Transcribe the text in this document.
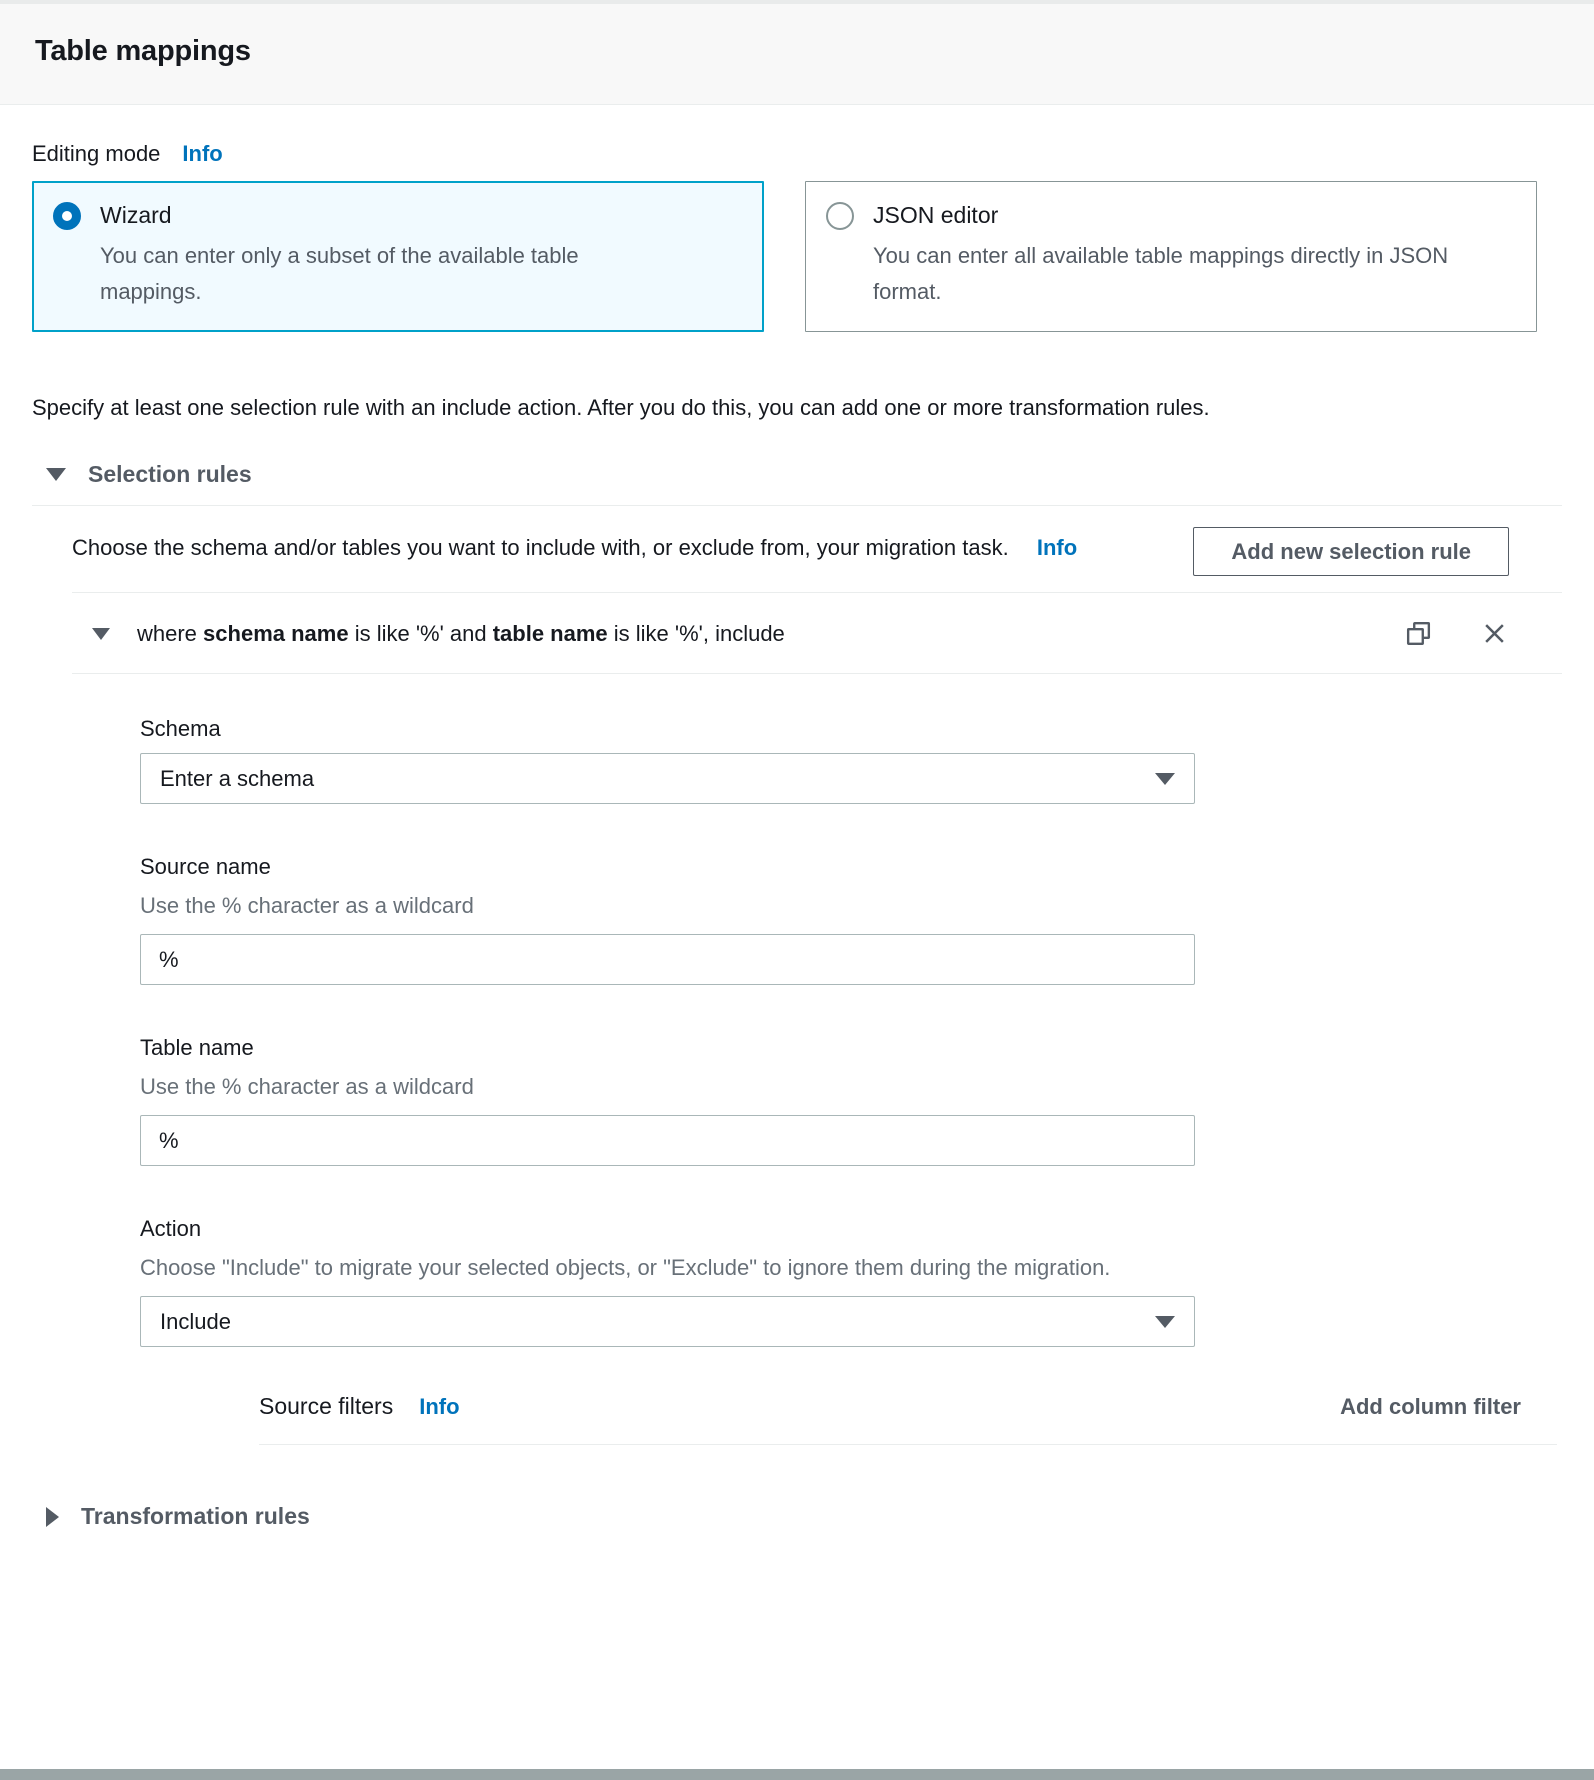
Table mappings
Editing mode Info
Wizard
You can enter only a subset of the available table mappings.
JSON editor
You can enter all available table mappings directly in JSON format.

Specify at least one selection rule with an include action. After you do this, you can add one or more transformation rules.

Selection rules
Choose the schema and/or tables you want to include with, or exclude from, your migration task. Info	Add new selection rule
where schema name is like '%' and table name is like '%', include
Schema
Enter a schema
Source name
Use the % character as a wildcard
%
Table name
Use the % character as a wildcard
%
Action
Choose "Include" to migrate your selected objects, or "Exclude" to ignore them during the migration.
Include
Source filters Info	Add column filter
Transformation rules
